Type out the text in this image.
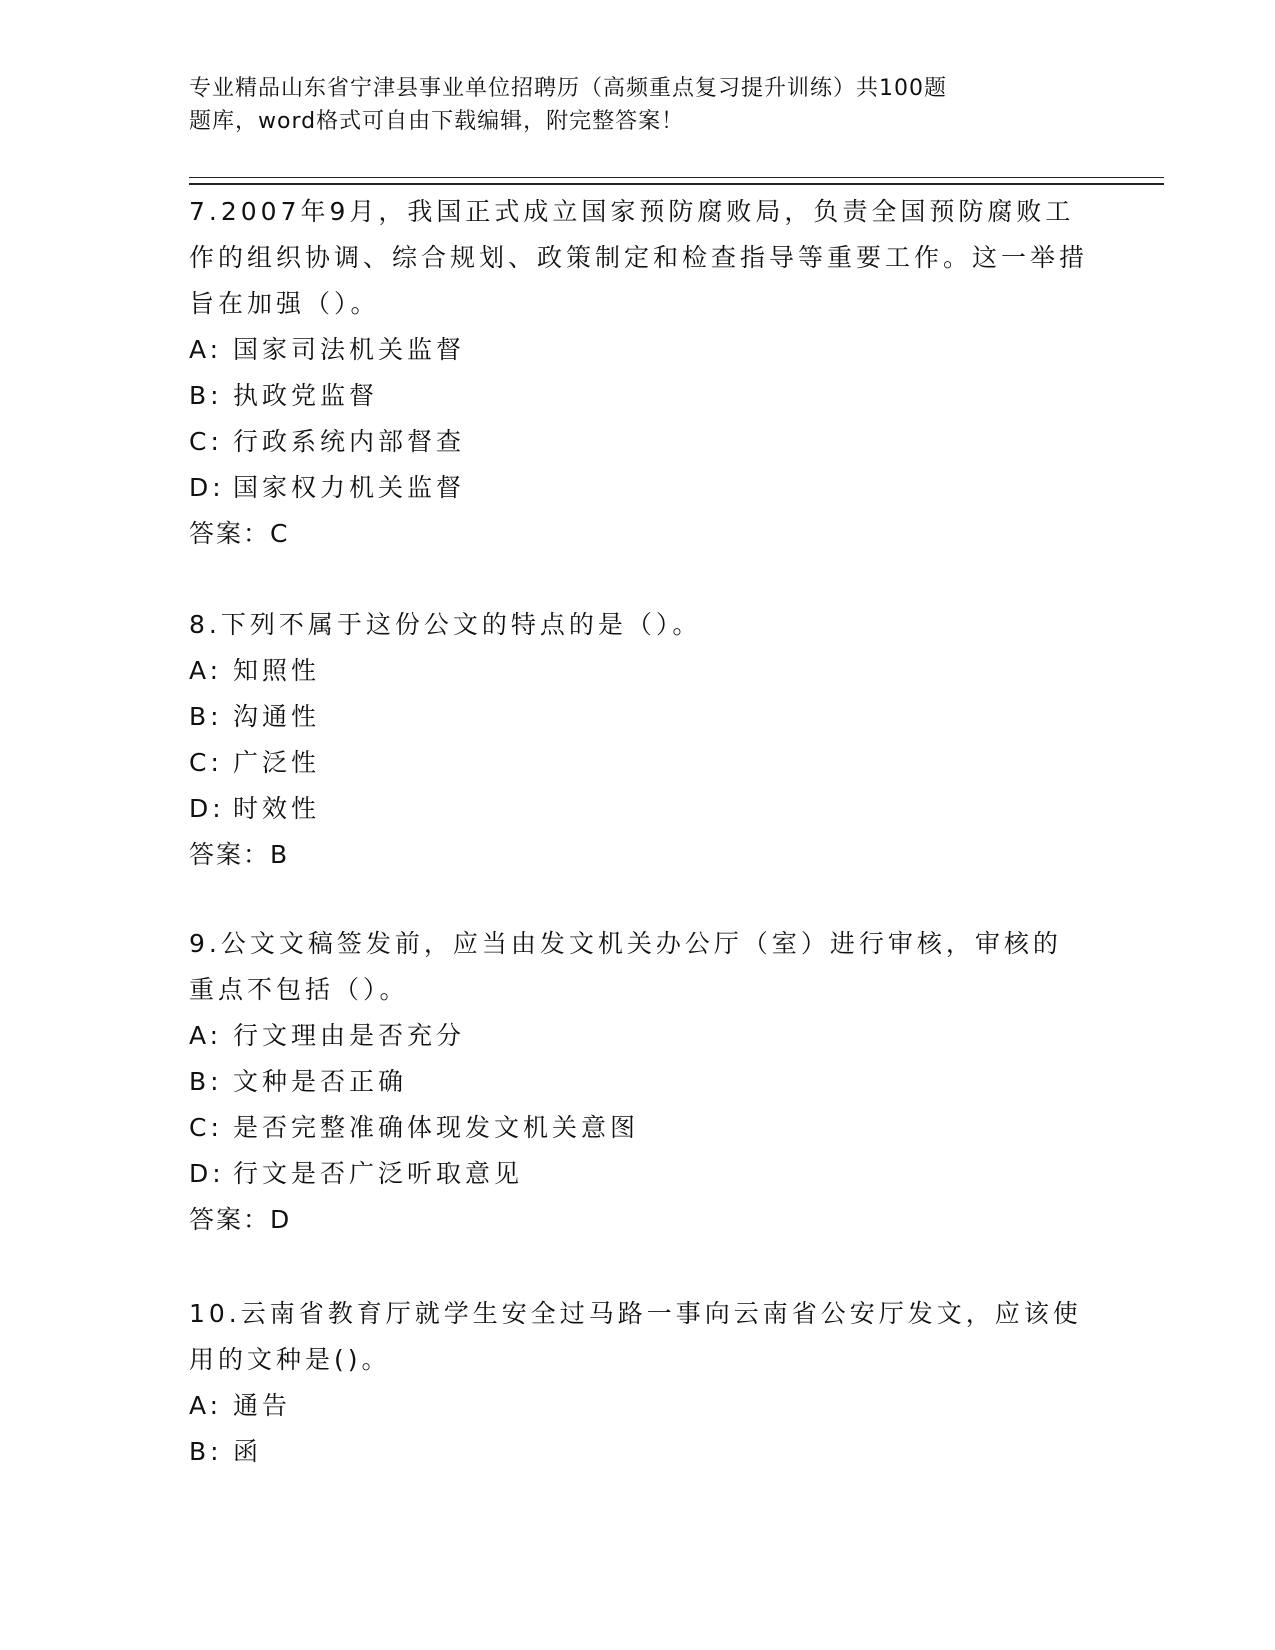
专业精品山东省宁津县事业单位招聘历（高频重点复习提升训练）共100题
题库，word格式可自由下载编辑，附完整答案！
7.2007年9月，我国正式成立国家预防腐败局，负责全国预防腐败工作的组织协调、综合规划、政策制定和检查指导等重要工作。这一举措旨在加强（）。
A: 国家司法机关监督
B: 执政党监督
C: 行政系统内部督查
D: 国家权力机关监督
答案：C
8.下列不属于这份公文的特点的是（）。
A: 知照性
B: 沟通性
C: 广泛性
D: 时效性
答案：B
9.公文文稿签发前，应当由发文机关办公厅（室）进行审核，审核的重点不包括（）。
A: 行文理由是否充分
B: 文种是否正确
C: 是否完整准确体现发文机关意图
D: 行文是否广泛听取意见
答案：D
10.云南省教育厅就学生安全过马路一事向云南省公安厅发文，应该使用的文种是()。
A: 通告
B: 函
